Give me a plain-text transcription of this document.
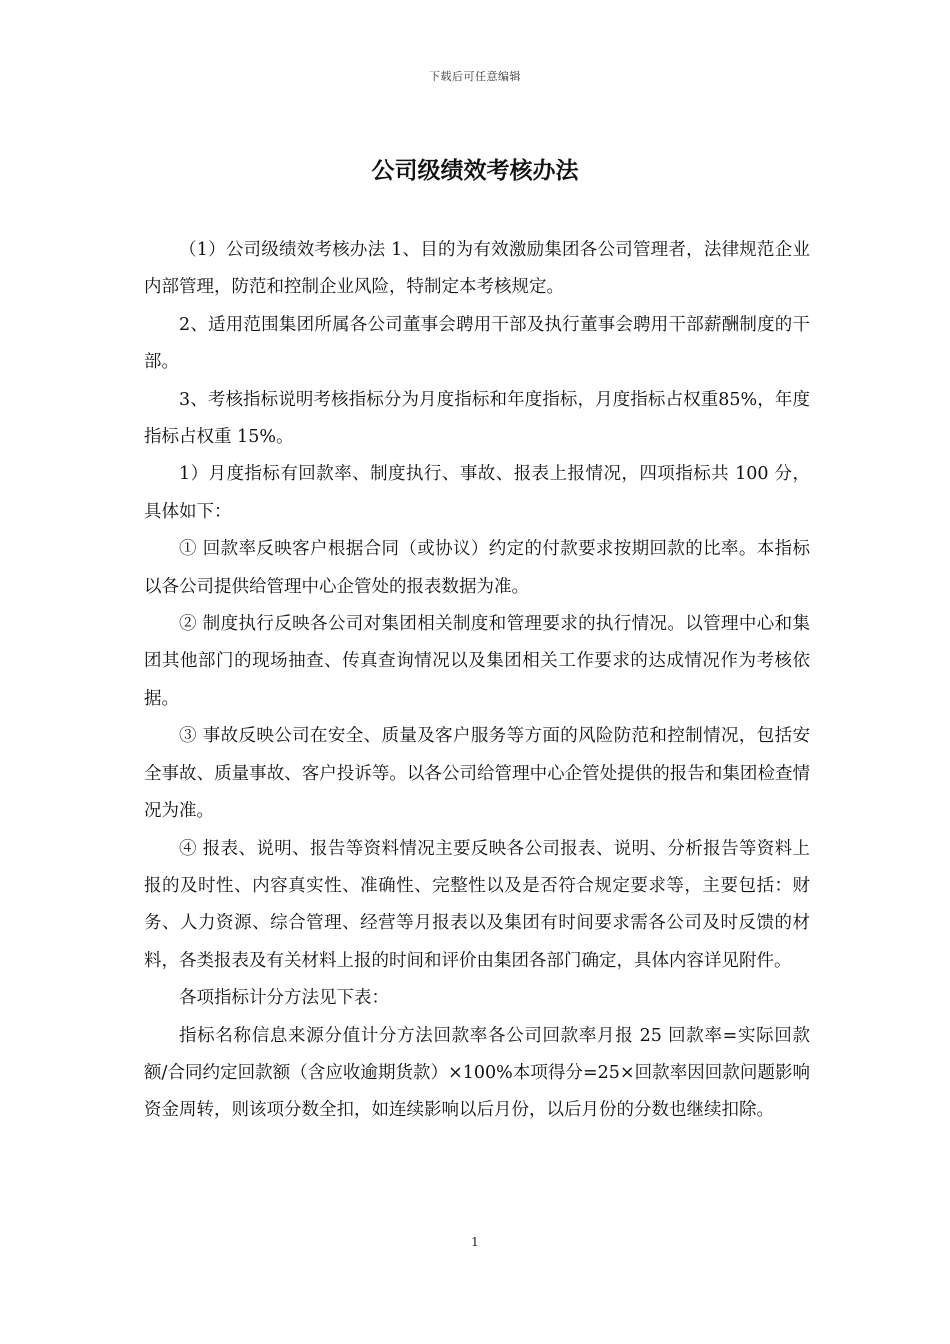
下载后可任意编辑
公司级绩效考核办法

（1）公司级绩效考核办法 1、目的为有效激励集团各公司管理者，法律规范企业内部管理，防范和控制企业风险，特制定本考核规定。

2、适用范围集团所属各公司董事会聘用干部及执行董事会聘用干部薪酬制度的干部。

3、考核指标说明考核指标分为月度指标和年度指标，月度指标占权重85%，年度指标占权重 15%。

1）月度指标有回款率、制度执行、事故、报表上报情况，四项指标共 100 分，具体如下：

① 回款率反映客户根据合同（或协议）约定的付款要求按期回款的比率。本指标以各公司提供给管理中心企管处的报表数据为准。

② 制度执行反映各公司对集团相关制度和管理要求的执行情况。以管理中心和集团其他部门的现场抽查、传真查询情况以及集团相关工作要求的达成情况作为考核依据。

③ 事故反映公司在安全、质量及客户服务等方面的风险防范和控制情况，包括安全事故、质量事故、客户投诉等。以各公司给管理中心企管处提供的报告和集团检查情况为准。

④ 报表、说明、报告等资料情况主要反映各公司报表、说明、分析报告等资料上报的及时性、内容真实性、准确性、完整性以及是否符合规定要求等，主要包括：财务、人力资源、综合管理、经营等月报表以及集团有时间要求需各公司及时反馈的材料，各类报表及有关材料上报的时间和评价由集团各部门确定，具体内容详见附件。

各项指标计分方法见下表：

指标名称信息来源分值计分方法回款率各公司回款率月报 25 回款率=实际回款额/合同约定回款额（含应收逾期货款）×100%本项得分=25×回款率因回款问题影响资金周转，则该项分数全扣，如连续影响以后月份，以后月份的分数也继续扣除。

1
